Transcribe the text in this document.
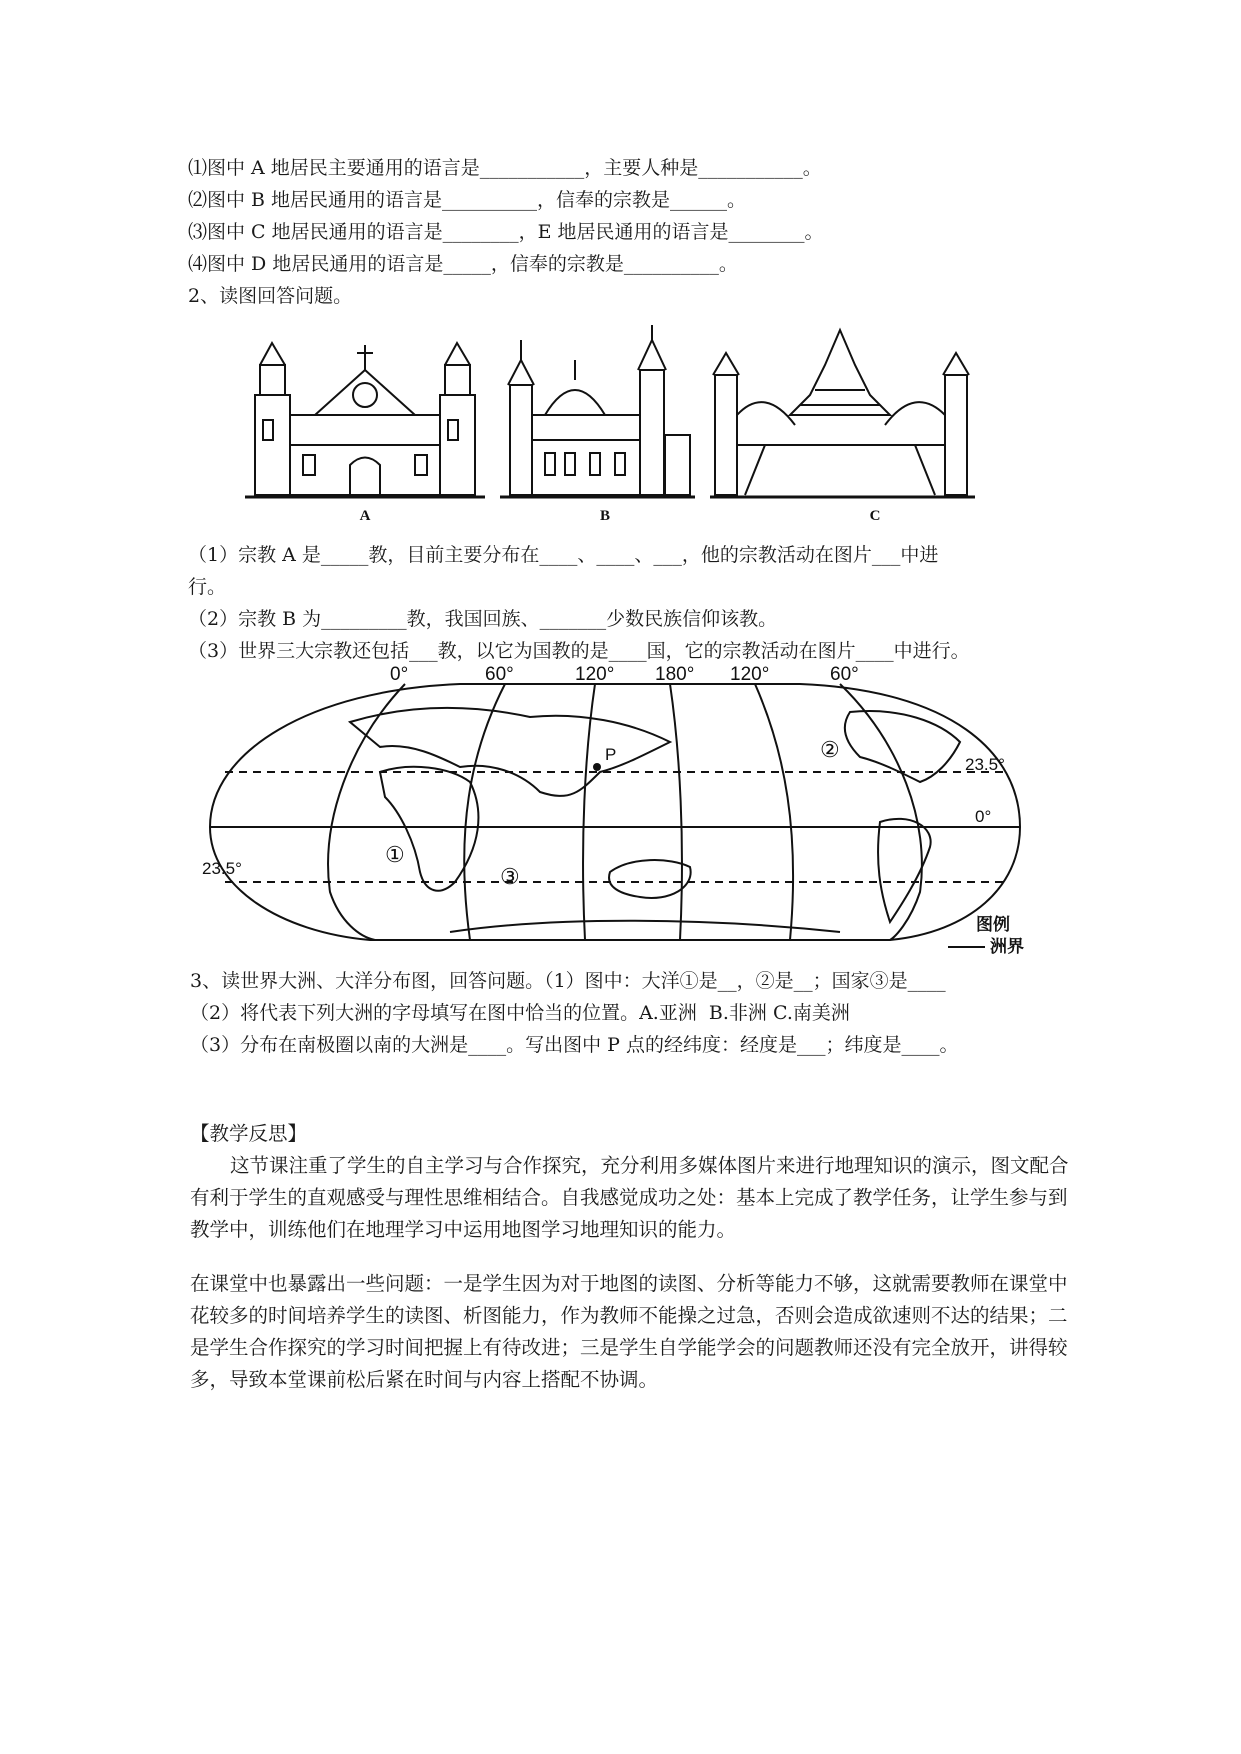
⑴图中 A 地居民主要通用的语言是___________，主要人种是___________。
⑵图中 B 地居民通用的语言是__________，信奉的宗教是______。
⑶图中 C 地居民通用的语言是________，E 地居民通用的语言是________。
⑷图中 D 地居民通用的语言是_____，信奉的宗教是__________。
2、读图回答问题。
A	B	C
（1）宗教 A 是_____教，目前主要分布在____、____、___，他的宗教活动在图片___中进
行。
（2）宗教 B 为_________教，我国回族、_______少数民族信仰该教。
（3）世界三大宗教还包括___教，以它为国教的是____国，它的宗教活动在图片____中进行。
0°	60°	120° 180° 120°	60°
P
①
②
③
23.5°
23.5°
0°
图例
洲界
3、读世界大洲、大洋分布图，回答问题。（1）图中：大洋①是__，②是__；国家③是____
（2）将代表下列大洲的字母填写在图中恰当的位置。A.亚洲  B.非洲 C.南美洲
（3）分布在南极圈以南的大洲是____。写出图中 P 点的经纬度：经度是___；纬度是____。

【教学反思】

这节课注重了学生的自主学习与合作探究，充分利用多媒体图片来进行地理知识的演示，图文配合有利于学生的直观感受与理性思维相结合。自我感觉成功之处：基本上完成了教学任务，让学生参与到教学中，训练他们在地理学习中运用地图学习地理知识的能力。

在课堂中也暴露出一些问题：一是学生因为对于地图的读图、分析等能力不够，这就需要教师在课堂中花较多的时间培养学生的读图、析图能力，作为教师不能操之过急，否则会造成欲速则不达的结果；二是学生合作探究的学习时间把握上有待改进；三是学生自学能学会的问题教师还没有完全放开，讲得较多，导致本堂课前松后紧在时间与内容上搭配不协调。
